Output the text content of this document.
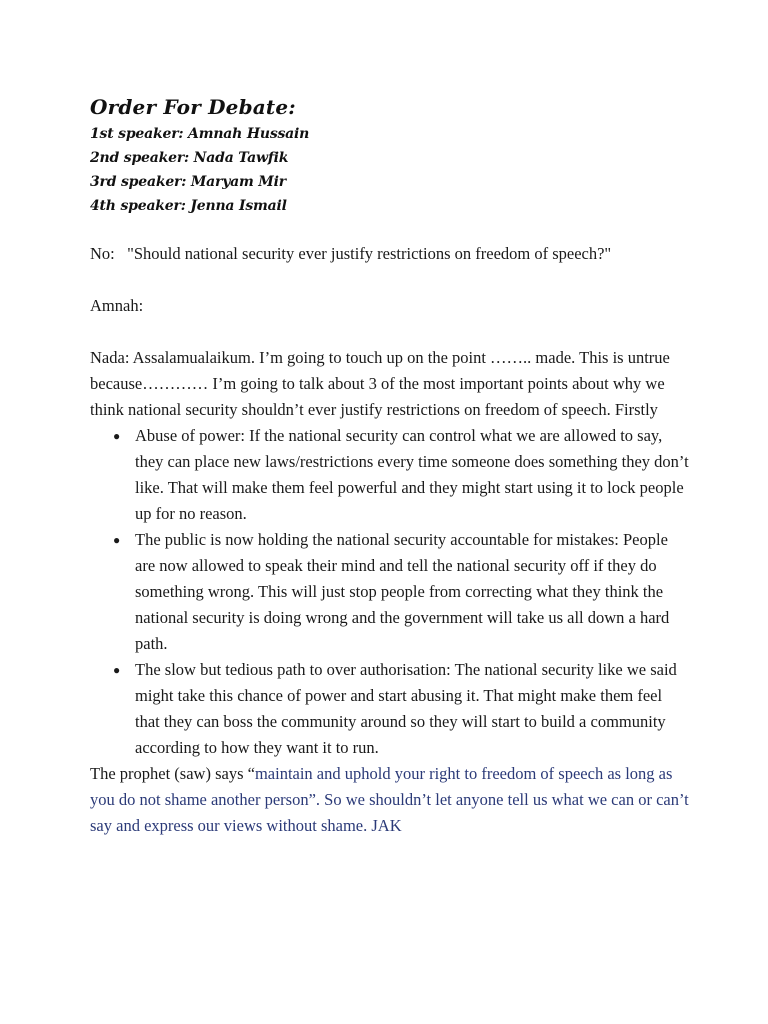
Order For Debate:

1st speaker: Amnah Hussain

2nd speaker: Nada Tawfik

3rd speaker: Maryam Mir

4th speaker: Jenna Ismail

No:   "Should national security ever justify restrictions on freedom of speech?"

Amnah:

Nada: Assalamualaikum. I’m going to touch up on the point …….. made. This is untrue because………… I’m going to talk about 3 of the most important points about why we think national security shouldn’t ever justify restrictions on freedom of speech. Firstly

● Abuse of power: If the national security can control what we are allowed to say, they can place new laws/restrictions every time someone does something they don’t like. That will make them feel powerful and they might start using it to lock people up for no reason.
● The public is now holding the national security accountable for mistakes: People are now allowed to speak their mind and tell the national security off if they do something wrong. This will just stop people from correcting what they think the national security is doing wrong and the government will take us all down a hard path.
● The slow but tedious path to over authorisation: The national security like we said might take this chance of power and start abusing it. That might make them feel that they can boss the community around so they will start to build a community according to how they want it to run.

The prophet (saw) says “maintain and uphold your right to freedom of speech as long as you do not shame another person”. So we shouldn’t let anyone tell us what we can or can’t say and express our views without shame. JAK
